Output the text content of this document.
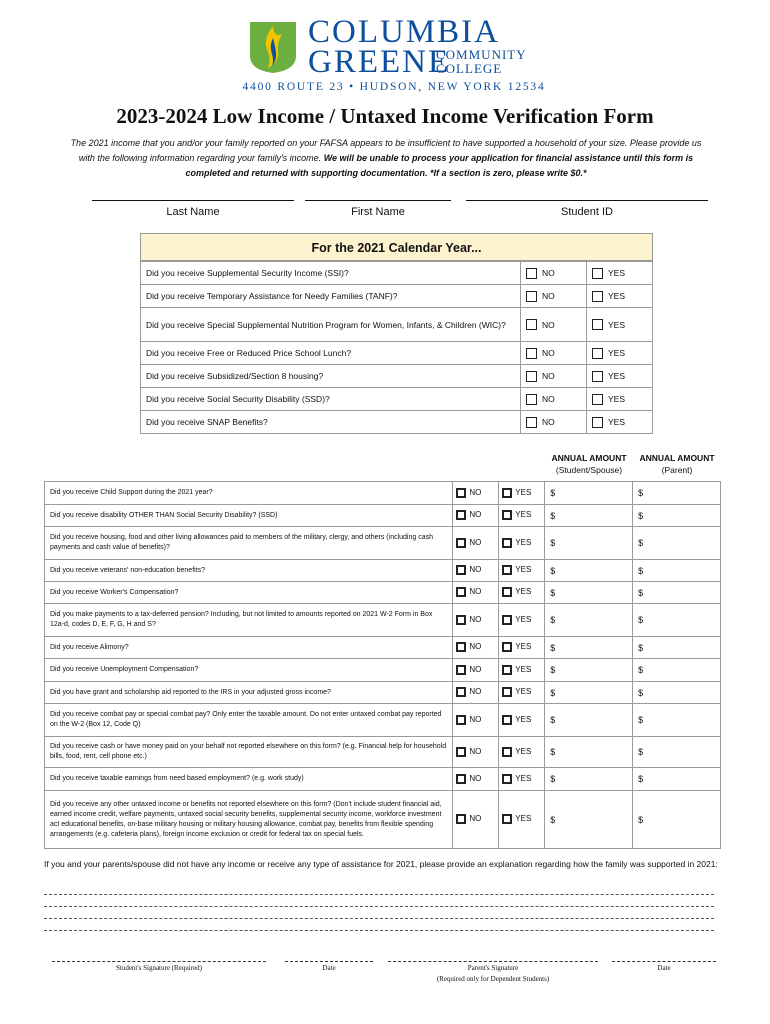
COLUMBIA
GREENE
COMMUNITY
COLLEGE
4400 ROUTE 23 • HUDSON, NEW YORK 12534
2023-2024 Low Income / Untaxed Income Verification Form
The 2021 income that you and/or your family reported on your FAFSA appears to be insufficient to have supported a household of your size. Please provide us with the following information regarding your family's income. We will be unable to process your application for financial assistance until this form is completed and returned with supporting documentation. *If a section is zero, please write $0.*
Last Name	First Name	Student ID
For the 2021 Calendar Year...
Did you receive Supplemental Security Income (SSI)?	NO	YES
Did you receive Temporary Assistance for Needy Families (TANF)?	NO	YES
Did you receive Special Supplemental Nutrition Program for Women, Infants, & Children (WIC)?	NO	YES
Did you receive Free or Reduced Price School Lunch?	NO	YES
Did you receive Subsidized/Section 8 housing?	NO	YES
Did you receive Social Security Disability (SSD)?	NO	YES
Did you receive SNAP Benefits?	NO	YES
ANNUAL AMOUNT
(Student/Spouse)
ANNUAL AMOUNT
(Parent)
Did you receive Child Support during the 2021 year?	NO	YES	$	$
Did you receive disability OTHER THAN Social Security Disability? (SSD)	NO	YES	$	$
Did you receive housing, food and other living allowances paid to members of the military, clergy, and others (including cash payments and cash value of benefits)?	NO	YES	$	$
Did you receive veterans' non-education benefits?	NO	YES	$	$
Did you receive Worker's Compensation?	NO	YES	$	$
Did you make payments to a tax-deferred pension? Including, but not limited to amounts reported on 2021 W-2 Form in Box 12a-d, codes D, E, F, G, H and S?	NO	YES	$	$
Did you receive Alimony?	NO	YES	$	$
Did you receive Unemployment Compensation?	NO	YES	$	$
Did you have grant and scholarship aid reported to the IRS in your adjusted gross income?	NO	YES	$	$
Did you receive combat pay or special combat pay? Only enter the taxable amount. Do not enter untaxed combat pay reported on the W-2 (Box 12, Code Q)	NO	YES	$	$
Did you receive cash or have money paid on your behalf not reported elsewhere on this form? (e.g. Financial help for household bills, food, rent, cell phone etc.)	NO	YES	$	$
Did you receive taxable earnings from need based employment? (e.g. work study)	NO	YES	$	$
Did you receive any other untaxed income or benefits not reported elsewhere on this form? (Don't include student financial aid, earned income credit, welfare payments, untaxed social security benefits, supplemental security income, workforce investment act educational benefits, on-base military housing or military housing allowance, combat pay, benefits from flexible spending arrangements (e.g. cafeteria plans), foreign income exclusion or credit for federal tax on special fuels.	NO	YES	$	$
If you and your parents/spouse did not have any income or receive any type of assistance for 2021, please provide an explanation regarding how the family was supported in 2021:
Student's Signature (Required)	Date	Parent's Signature
(Required only for Dependent Students)
Date
